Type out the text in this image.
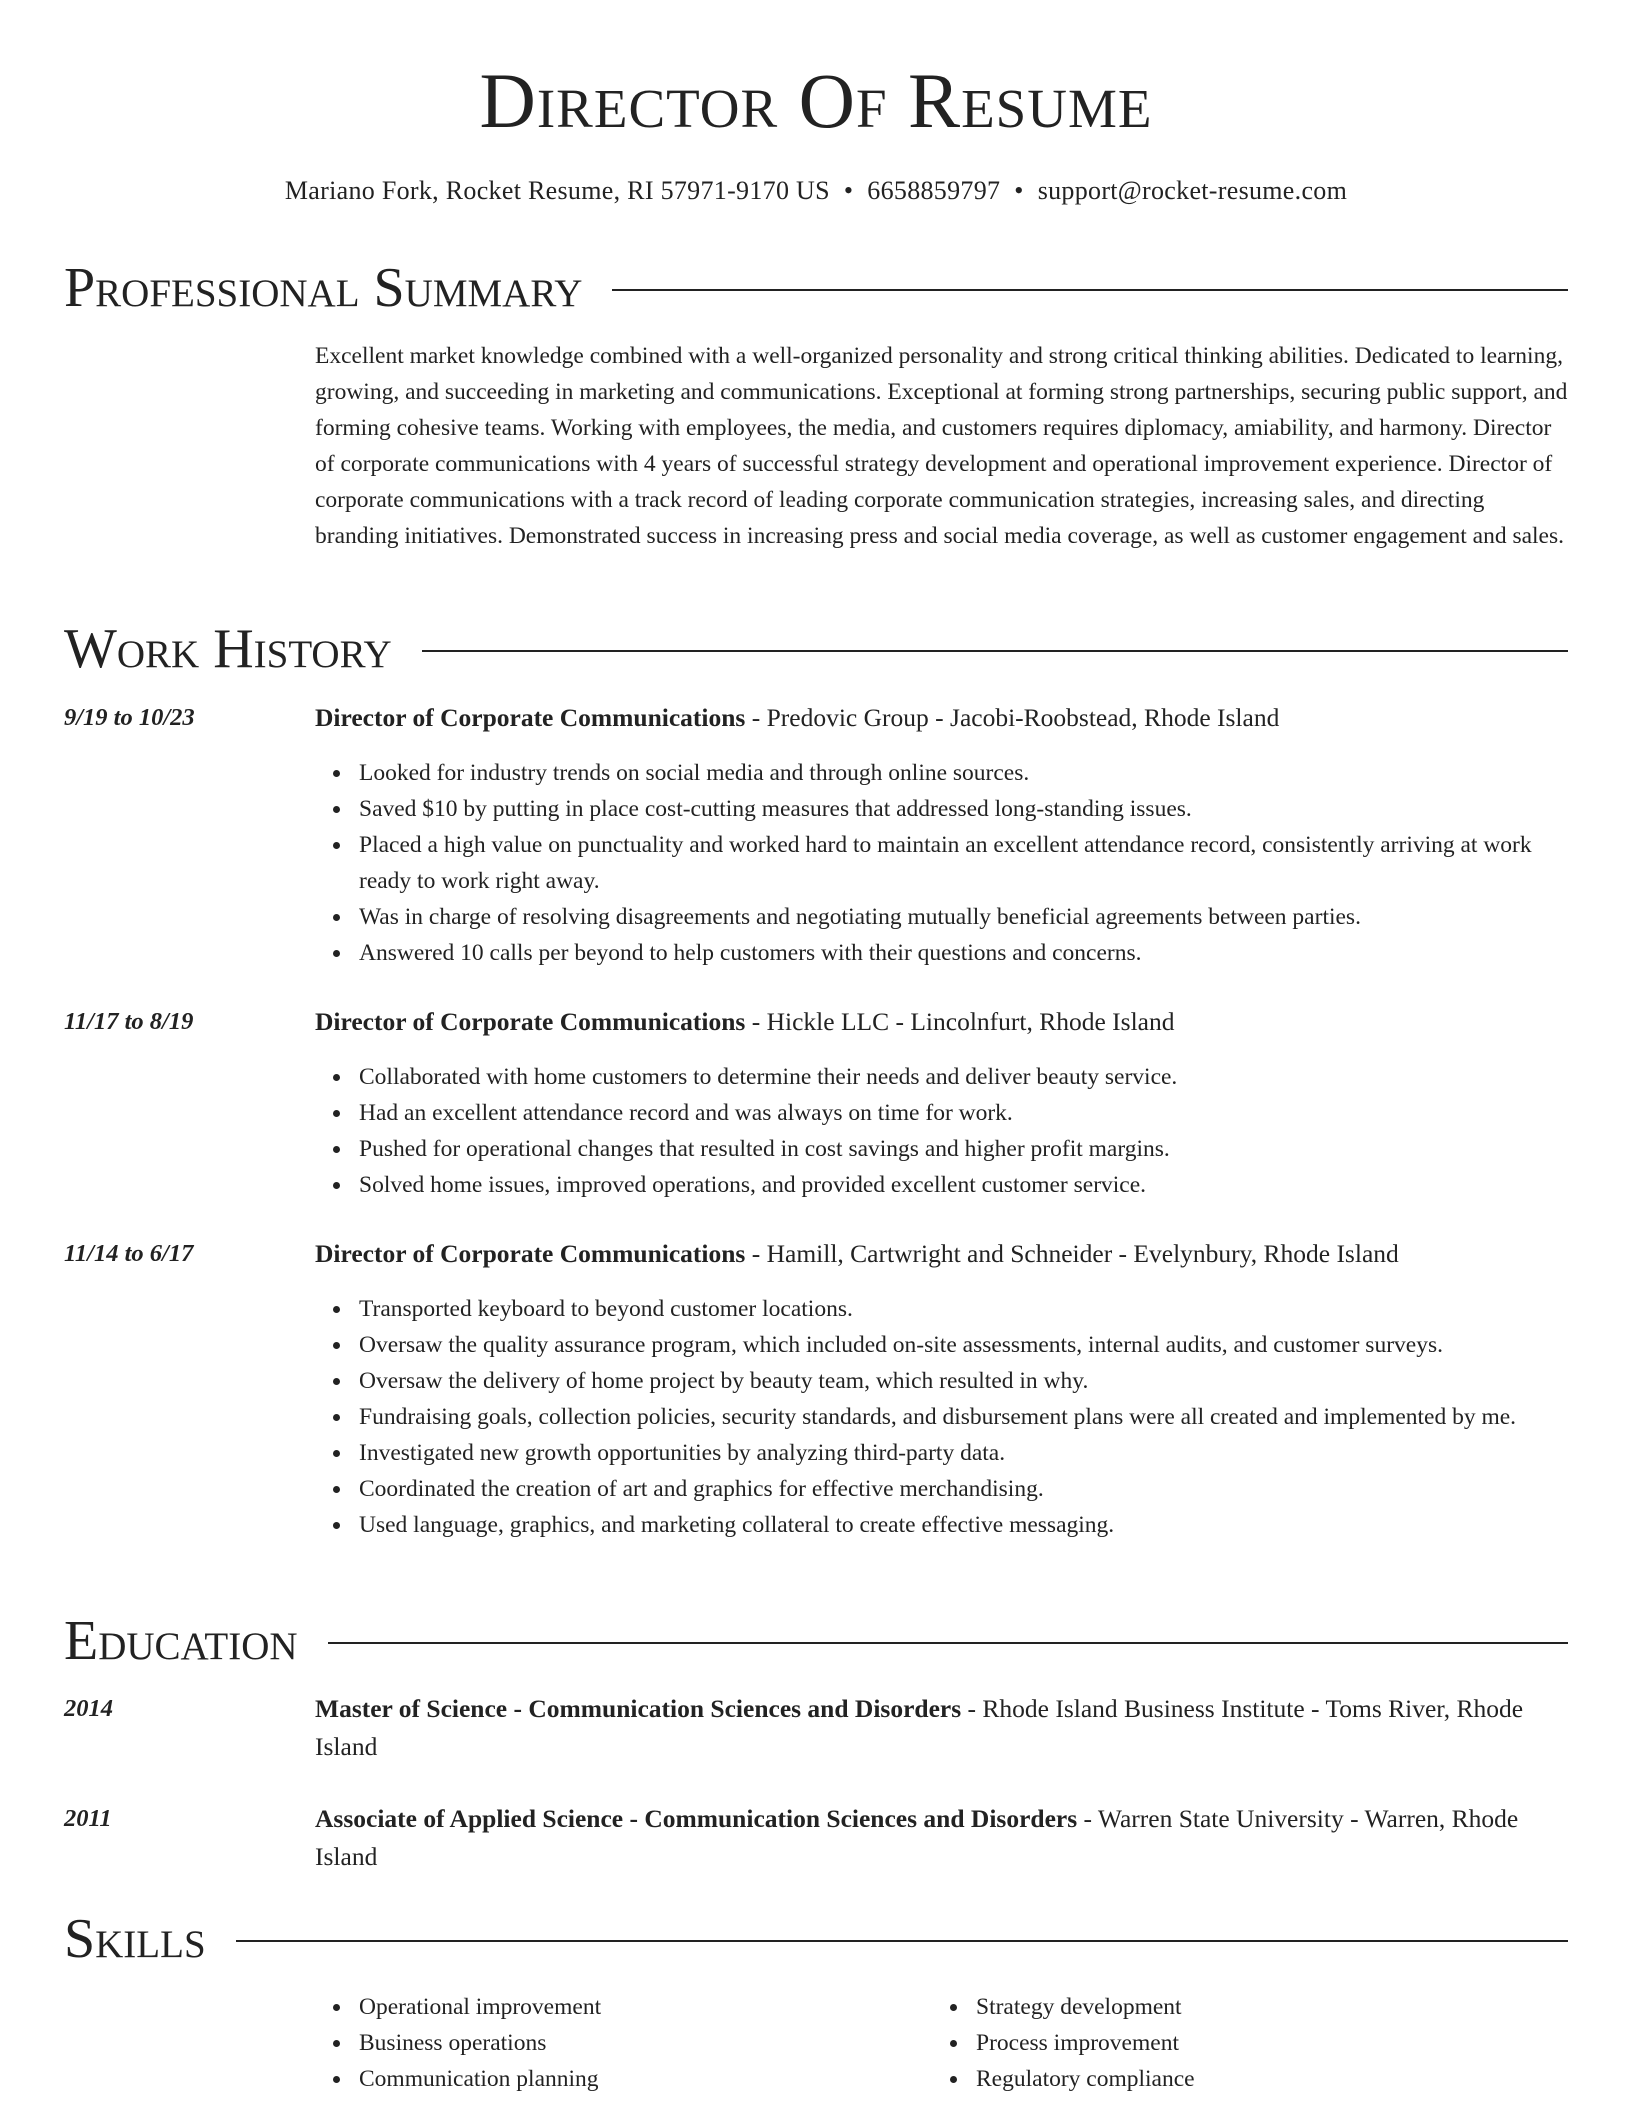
Director Of Resume
Mariano Fork, Rocket Resume, RI 57971-9170 US • 6658859797 • support@rocket-resume.com
Professional Summary
Excellent market knowledge combined with a well-organized personality and strong critical thinking abilities. Dedicated to learning, growing, and succeeding in marketing and communications. Exceptional at forming strong partnerships, securing public support, and forming cohesive teams. Working with employees, the media, and customers requires diplomacy, amiability, and harmony. Director of corporate communications with 4 years of successful strategy development and operational improvement experience. Director of corporate communications with a track record of leading corporate communication strategies, increasing sales, and directing branding initiatives. Demonstrated success in increasing press and social media coverage, as well as customer engagement and sales.
Work History
9/19 to 10/23	Director of Corporate Communications - Predovic Group - Jacobi-Roobstead, Rhode Island
Looked for industry trends on social media and through online sources.
Saved $10 by putting in place cost-cutting measures that addressed long-standing issues.
Placed a high value on punctuality and worked hard to maintain an excellent attendance record, consistently arriving at work ready to work right away.
Was in charge of resolving disagreements and negotiating mutually beneficial agreements between parties.
Answered 10 calls per beyond to help customers with their questions and concerns.
11/17 to 8/19	Director of Corporate Communications - Hickle LLC - Lincolnfurt, Rhode Island
Collaborated with home customers to determine their needs and deliver beauty service.
Had an excellent attendance record and was always on time for work.
Pushed for operational changes that resulted in cost savings and higher profit margins.
Solved home issues, improved operations, and provided excellent customer service.
11/14 to 6/17	Director of Corporate Communications - Hamill, Cartwright and Schneider - Evelynbury, Rhode Island
Transported keyboard to beyond customer locations.
Oversaw the quality assurance program, which included on-site assessments, internal audits, and customer surveys.
Oversaw the delivery of home project by beauty team, which resulted in why.
Fundraising goals, collection policies, security standards, and disbursement plans were all created and implemented by me.
Investigated new growth opportunities by analyzing third-party data.
Coordinated the creation of art and graphics for effective merchandising.
Used language, graphics, and marketing collateral to create effective messaging.
Education
2014	Master of Science - Communication Sciences and Disorders - Rhode Island Business Institute - Toms River, Rhode Island
2011	Associate of Applied Science - Communication Sciences and Disorders - Warren State University - Warren, Rhode Island
Skills
Operational improvement
Business operations
Communication planning
Strategy development
Process improvement
Regulatory compliance
